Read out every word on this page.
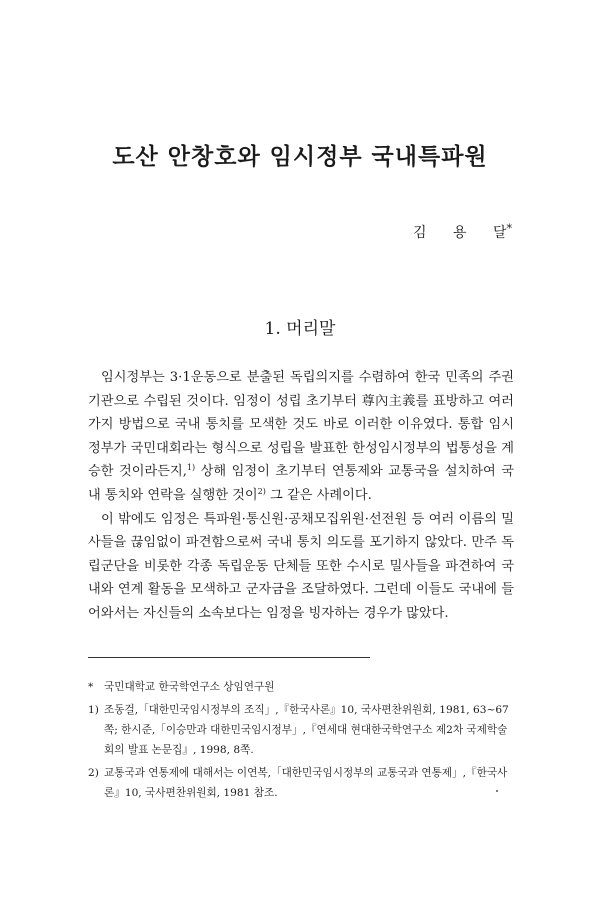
도산 안창호와 임시정부 국내특파원
김 용 달*
1. 머리말

임시정부는 3·1운동으로 분출된 독립의지를 수렴하여 한국 민족의 주권기관으로 수립된 것이다. 임정이 성립 초기부터 尊內主義를 표방하고 여러 가지 방법으로 국내 통치를 모색한 것도 바로 이러한 이유였다. 통합 임시정부가 국민대회라는 형식으로 성립을 발표한 한성임시정부의 법통성을 계승한 것이라든지,$^{1)}$ 상해 임정이 초기부터 연통제와 교통국을 설치하여 국내 통치와 연락을 실행한 것이$^{2)}$ 그 같은 사례이다.

이 밖에도 임정은 특파원·통신원·공채모집위원·선전원 등 여러 이름의 밀사들을 끊임없이 파견함으로써 국내 통치 의도를 포기하지 않았다. 만주 독립군단을 비롯한 각종 독립운동 단체들 또한 수시로 밀사들을 파견하여 국내와 연계 활동을 모색하고 군자금을 조달하였다. 그런데 이들도 국내에 들어와서는 자신들의 소속보다는 임정을 빙자하는 경우가 많았다.

*	국민대학교 한국학연구소 상임연구원
1) 조동걸,「대한민국임시정부의 조직」,『한국사론』10, 국사편찬위원회, 1981, 63~67쪽; 한시준,「이승만과 대한민국임시정부」,『연세대 현대한국학연구소 제2차 국제학술회의 발표 논문집』, 1998, 8쪽.
2) 교통국과 연통제에 대해서는 이연복,「대한민국임시정부의 교통국과 연통제」,『한국사론』10, 국사편찬위원회, 1981 참조.
